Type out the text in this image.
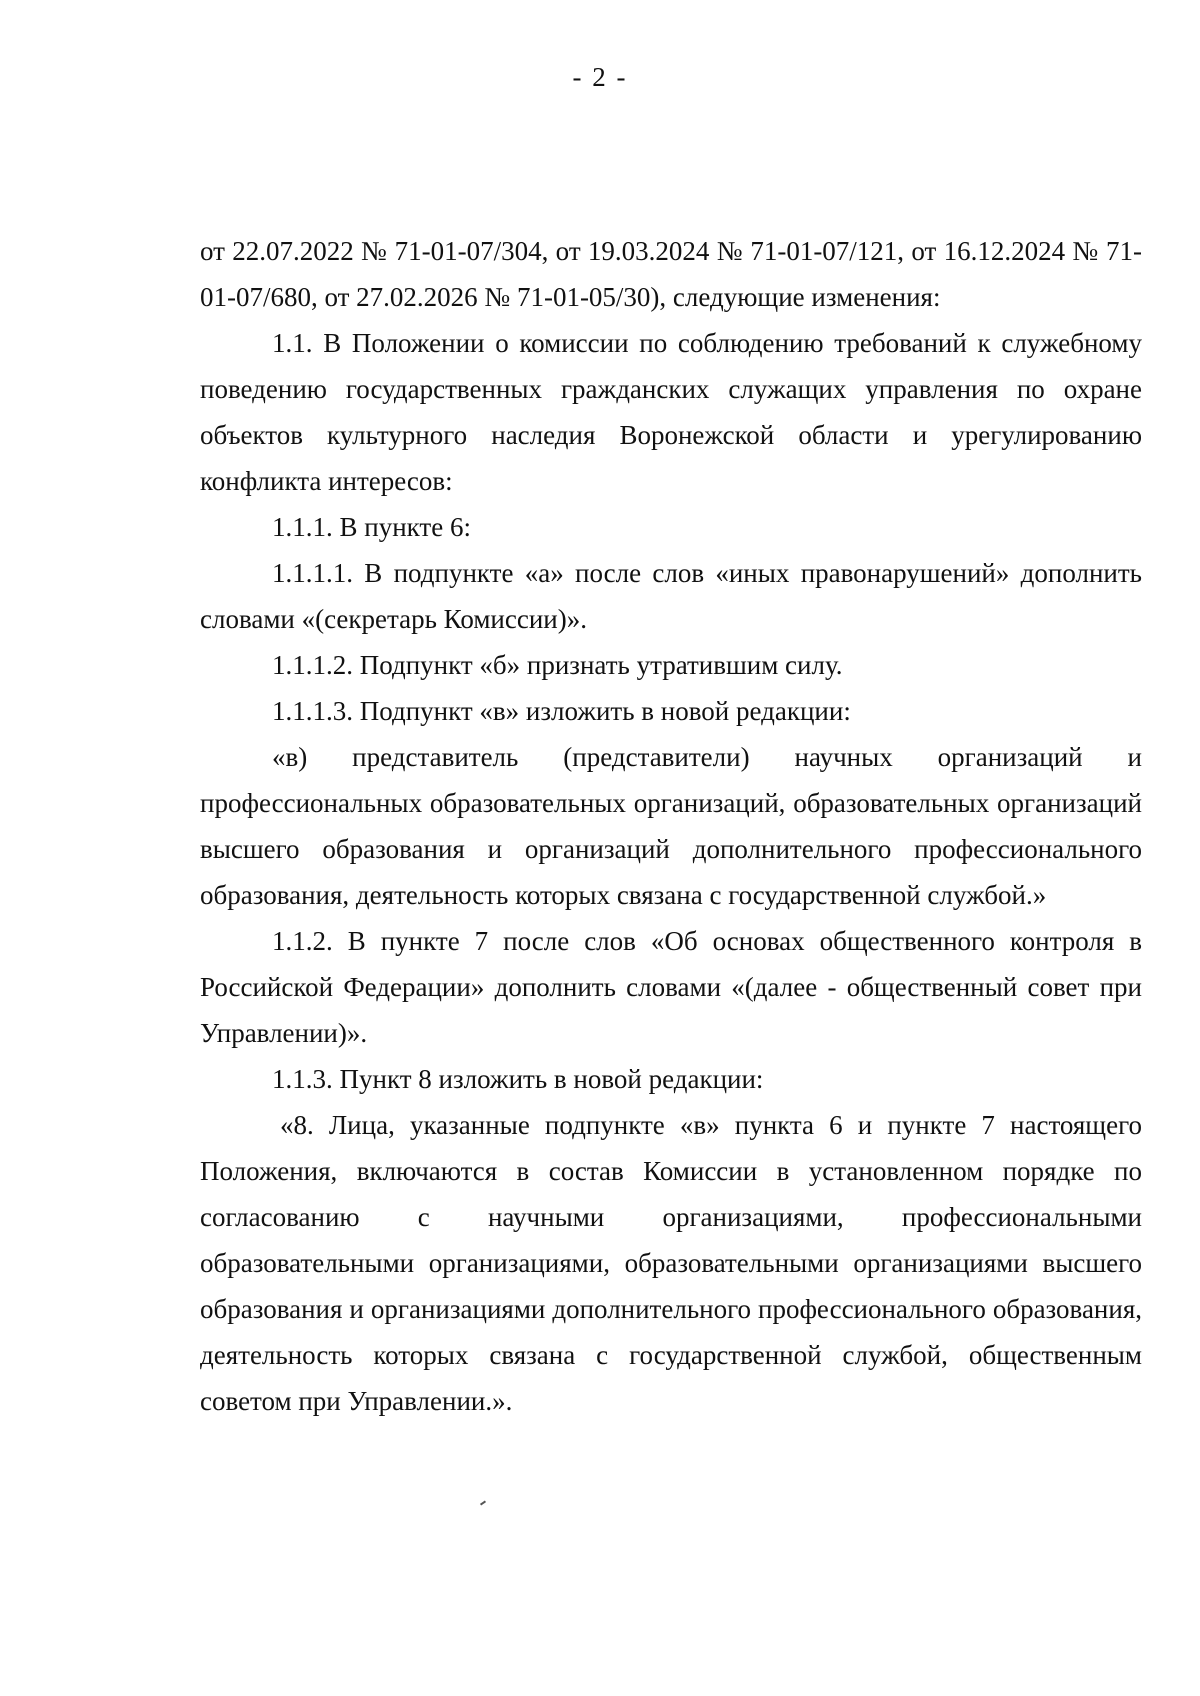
- 2 -

от 22.07.2022 № 71-01-07/304, от 19.03.2024 № 71-01-07/121, от 16.12.2024 № 71-01-07/680, от 27.02.2026 № 71-01-05/30), следующие изменения:

1.1. В Положении о комиссии по соблюдению требований к служебному поведению государственных гражданских служащих управления по охране объектов культурного наследия Воронежской области и урегулированию конфликта интересов:

1.1.1. В пункте 6:

1.1.1.1. В подпункте «а» после слов «иных правонарушений» дополнить словами «(секретарь Комиссии)».

1.1.1.2. Подпункт «б» признать утратившим силу.

1.1.1.3. Подпункт «в» изложить в новой редакции:

«в) представитель (представители) научных организаций и профессиональных образовательных организаций, образовательных организаций высшего образования и организаций дополнительного профессионального образования, деятельность которых связана с государственной службой.»

1.1.2. В пункте 7 после слов «Об основах общественного контроля в Российской Федерации» дополнить словами «(далее - общественный совет при Управлении)».

1.1.3. Пункт 8 изложить в новой редакции:

«8. Лица, указанные подпункте «в» пункта 6 и пункте 7 настоящего Положения, включаются в состав Комиссии в установленном порядке по согласованию с научными организациями, профессиональными образовательными организациями, образовательными организациями высшего образования и организациями дополнительного профессионального образования, деятельность которых связана с государственной службой, общественным советом при Управлении.».
